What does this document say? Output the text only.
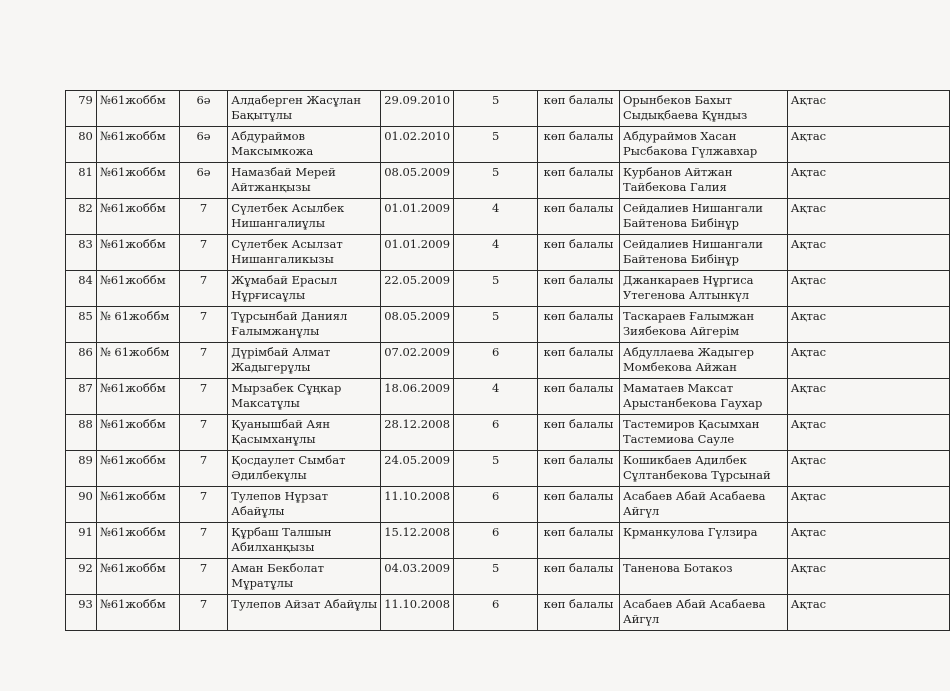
79	№61жоббм	6ә	Алдаберген Жасұлан
Бақытұлы	29.09.2010	5	көп балалы	Орынбеков Бахыт
Сыдықбаева Құндыз	Ақтас

80	№61жоббм	6ә	Абдураймов
Максымкожа	01.02.2010	5	көп балалы	Абдураймов Хасан
Рысбакова Гүлжавхар	Ақтас

81	№61жоббм	6ә	Намазбай Мерей
Айтжанқызы	08.05.2009	5	көп балалы	Курбанов Айтжан
Тайбекова Галия	Ақтас

82	№61жоббм	7	Сүлетбек Асылбек
Нишангалиұлы	01.01.2009	4	көп балалы	Сейдалиев Нишангали
Байтенова Бибінұр	Ақтас

83	№61жоббм	7	Сүлетбек Асылзат
Нишангаликызы	01.01.2009	4	көп балалы	Сейдалиев Нишангали
Байтенова Бибінұр	Ақтас

84	№61жоббм	7	Жұмабай Ерасыл
Нұрғисаұлы	22.05.2009	5	көп балалы	Джанкараев Нұргиса
Утегенова Алтынкүл	Ақтас

85	№ 61жоббм	7	Тұрсынбай Даниял
Ғалымжанұлы	08.05.2009	5	көп балалы	Таскараев Ғалымжан
Зиябекова Айгерім	Ақтас

86	№ 61жоббм	7	Дүрімбай Алмат
Жадыгерұлы	07.02.2009	6	көп балалы	Абдуллаева Жадыгер
Момбекова Айжан	Ақтас

87	№61жоббм	7	Мырзабек Сұңкар
Максатұлы	18.06.2009	4	көп балалы	Маматаев Максат
Арыстанбекова Гаухар	Ақтас

88	№61жоббм	7	Қуанышбай Аян
Қасымханұлы	28.12.2008	6	көп балалы	Тастемиров Қасымхан
Тастемиова Сауле	Ақтас

89	№61жоббм	7	Қосдаулет Сымбат
Әдилбекұлы	24.05.2009	5	көп балалы	Кошикбаев Адилбек
Сұлтанбекова Тұрсынай	Ақтас

90	№61жоббм	7	Тулепов Нұрзат
Абайұлы	11.10.2008	6	көп балалы	Асабаев Абай Асабаева
Айгүл	Ақтас

91	№61жоббм	7	Құрбаш Талшын
Абилханқызы	15.12.2008	6	көп балалы	Крманкулова Гүлзира	Ақтас

92	№61жоббм	7	Аман Бекболат
Мұратұлы	04.03.2009	5	көп балалы	Таненова Ботакоз	Ақтас

93	№61жоббм	7	Тулепов Айзат Абайұлы	11.10.2008	6	көп балалы	Асабаев Абай Асабаева
Айгүл	Ақтас
